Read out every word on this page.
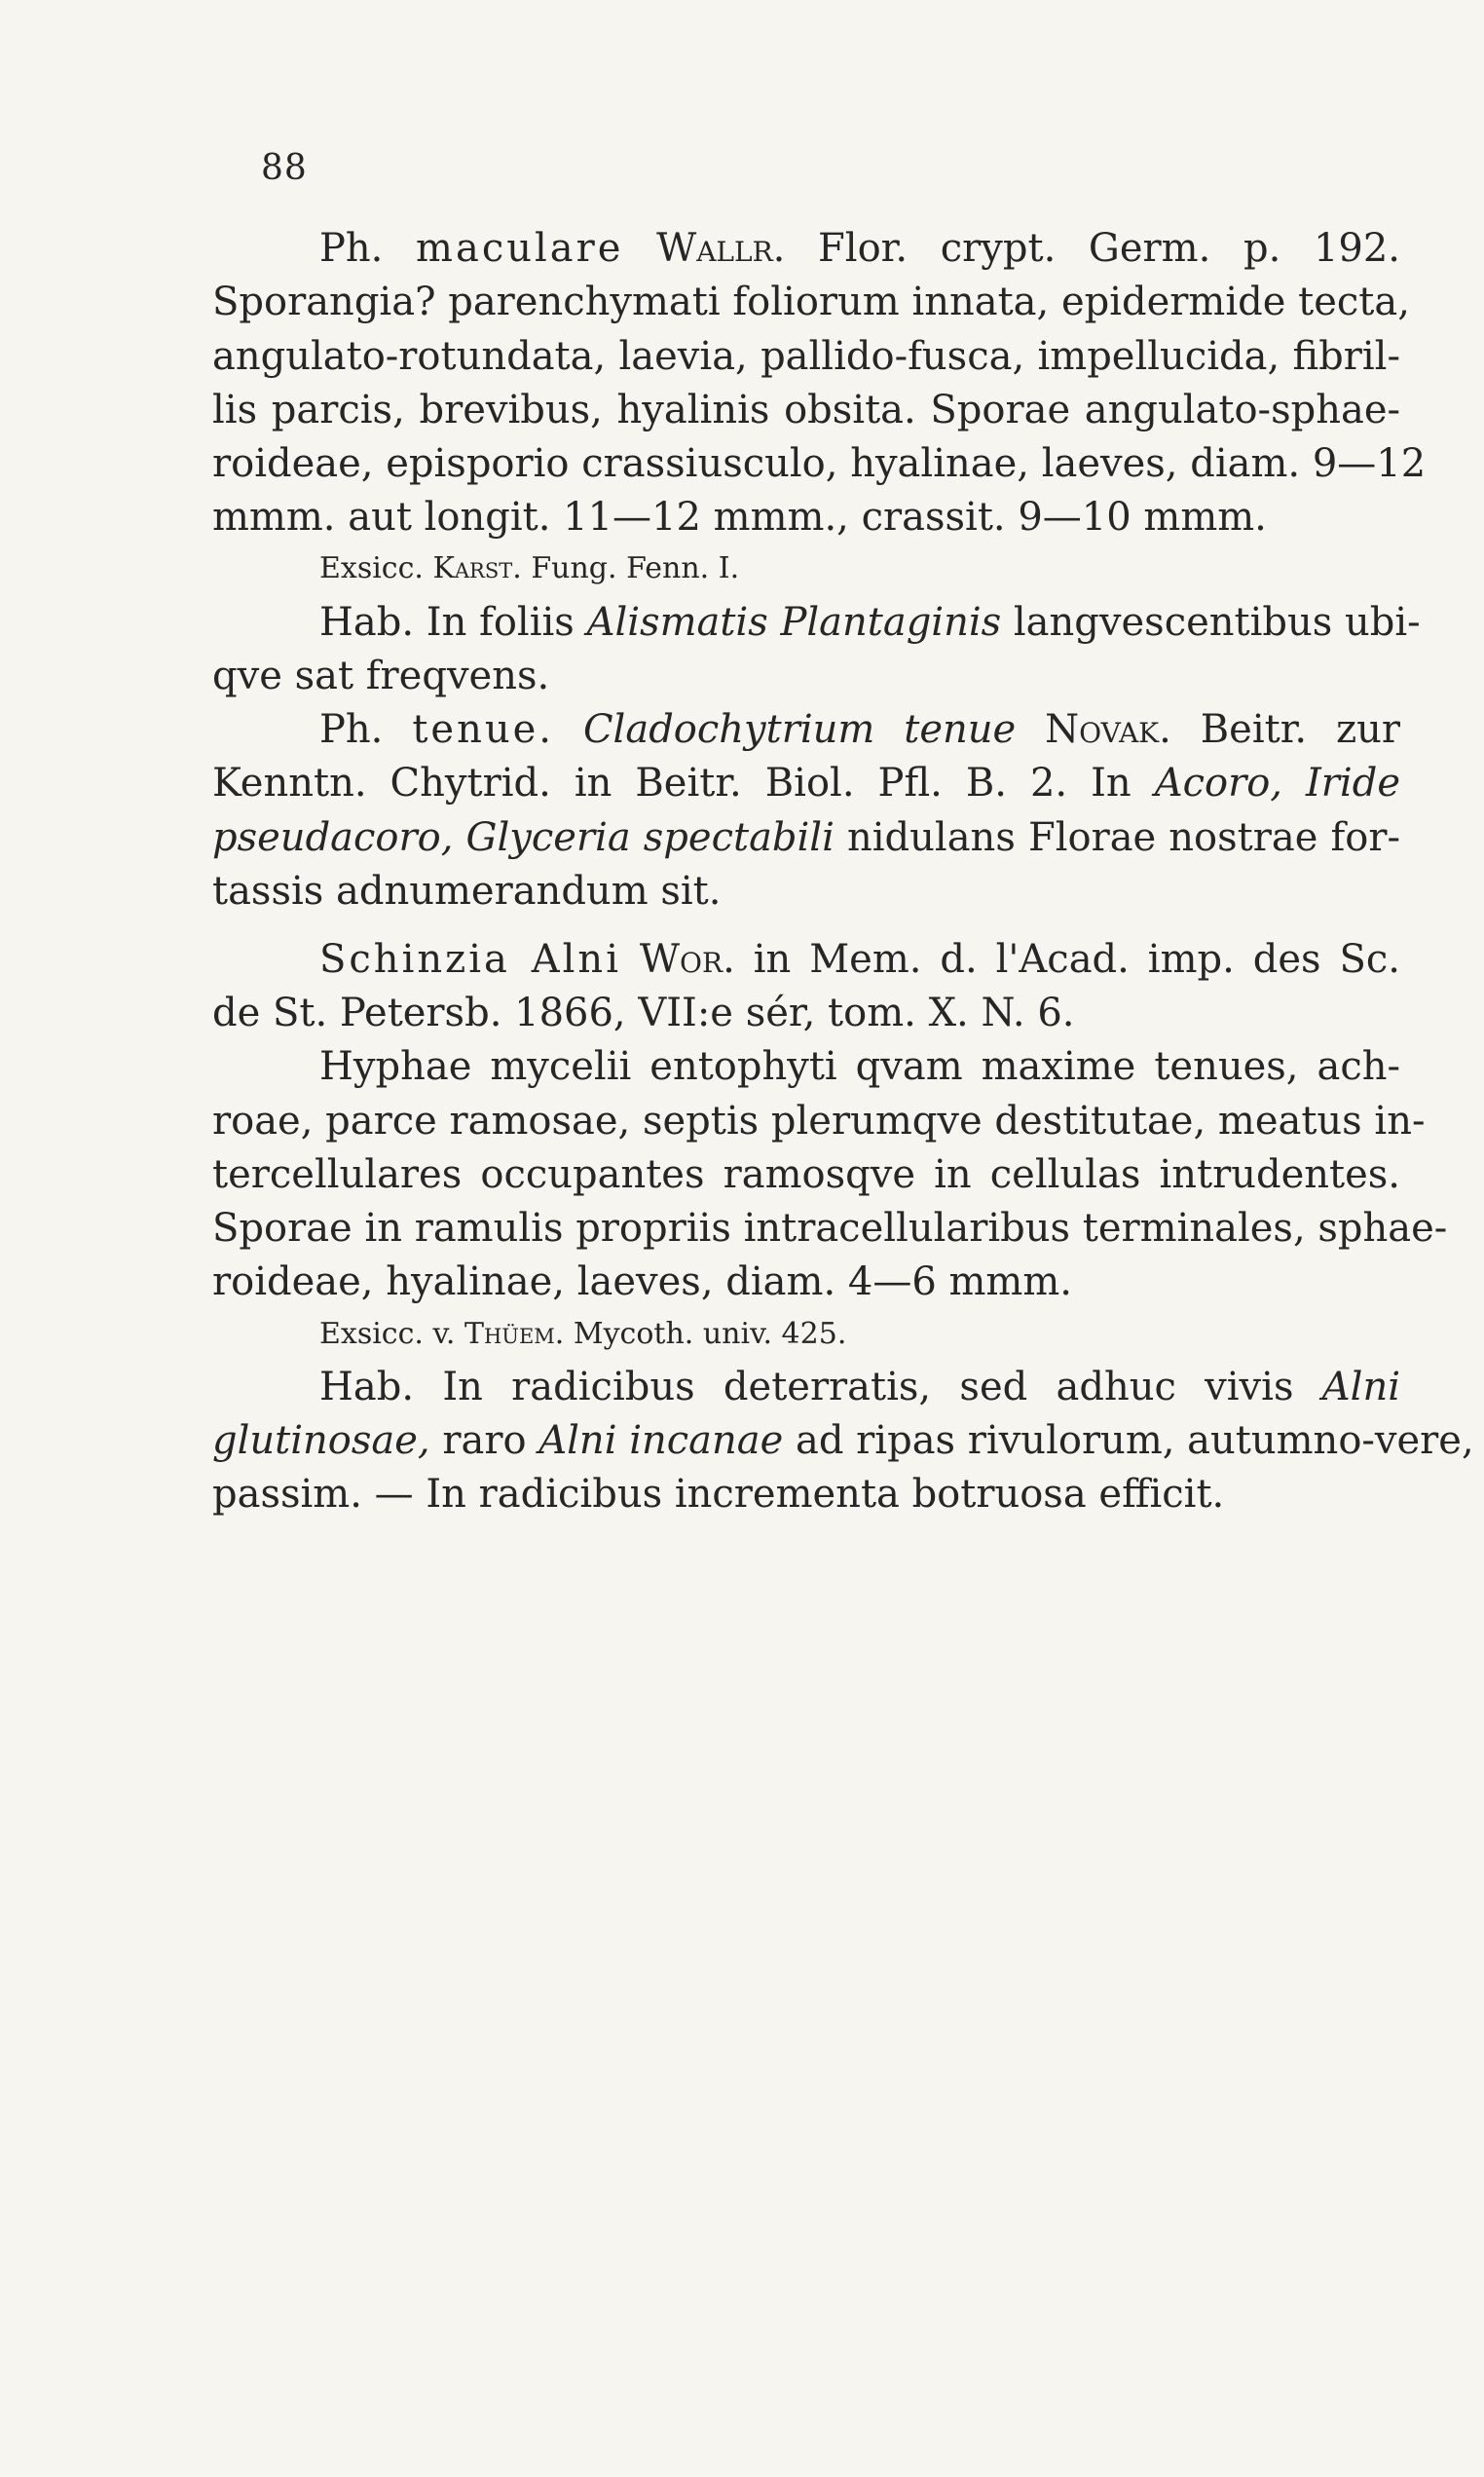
88
Ph. maculare Wallr. Flor. crypt. Germ. p. 192.
Sporangia? parenchymati foliorum innata, epidermide tecta,
angulato-rotundata, laevia, pallido-fusca, impellucida, fibril-
lis parcis, brevibus, hyalinis obsita. Sporae angulato-sphae-
roideae, episporio crassiusculo, hyalinae, laeves, diam. 9—12
mmm. aut longit. 11—12 mmm., crassit. 9—10 mmm.
Exsicc. Karst. Fung. Fenn. I.
Hab. In foliis Alismatis Plantaginis langvescentibus ubi-
qve sat freqvens.
Ph. tenue. Cladochytrium tenue Novak. Beitr. zur
Kenntn. Chytrid. in Beitr. Biol. Pfl. B. 2. In Acoro, Iride
pseudacoro, Glyceria spectabili nidulans Florae nostrae for-
tassis adnumerandum sit.
Schinzia Alni Wor. in Mem. d. l'Acad. imp. des Sc.
de St. Petersb. 1866, VII:e sér, tom. X. N. 6.
Hyphae mycelii entophyti qvam maxime tenues, ach-
roae, parce ramosae, septis plerumqve destitutae, meatus in-
tercellulares occupantes ramosqve in cellulas intrudentes.
Sporae in ramulis propriis intracellularibus terminales, sphae-
roideae, hyalinae, laeves, diam. 4—6 mmm.
Exsicc. v. Thüem. Mycoth. univ. 425.
Hab. In radicibus deterratis, sed adhuc vivis Alni
glutinosae, raro Alni incanae ad ripas rivulorum, autumno-vere,
passim. — In radicibus incrementa botruosa efficit.
